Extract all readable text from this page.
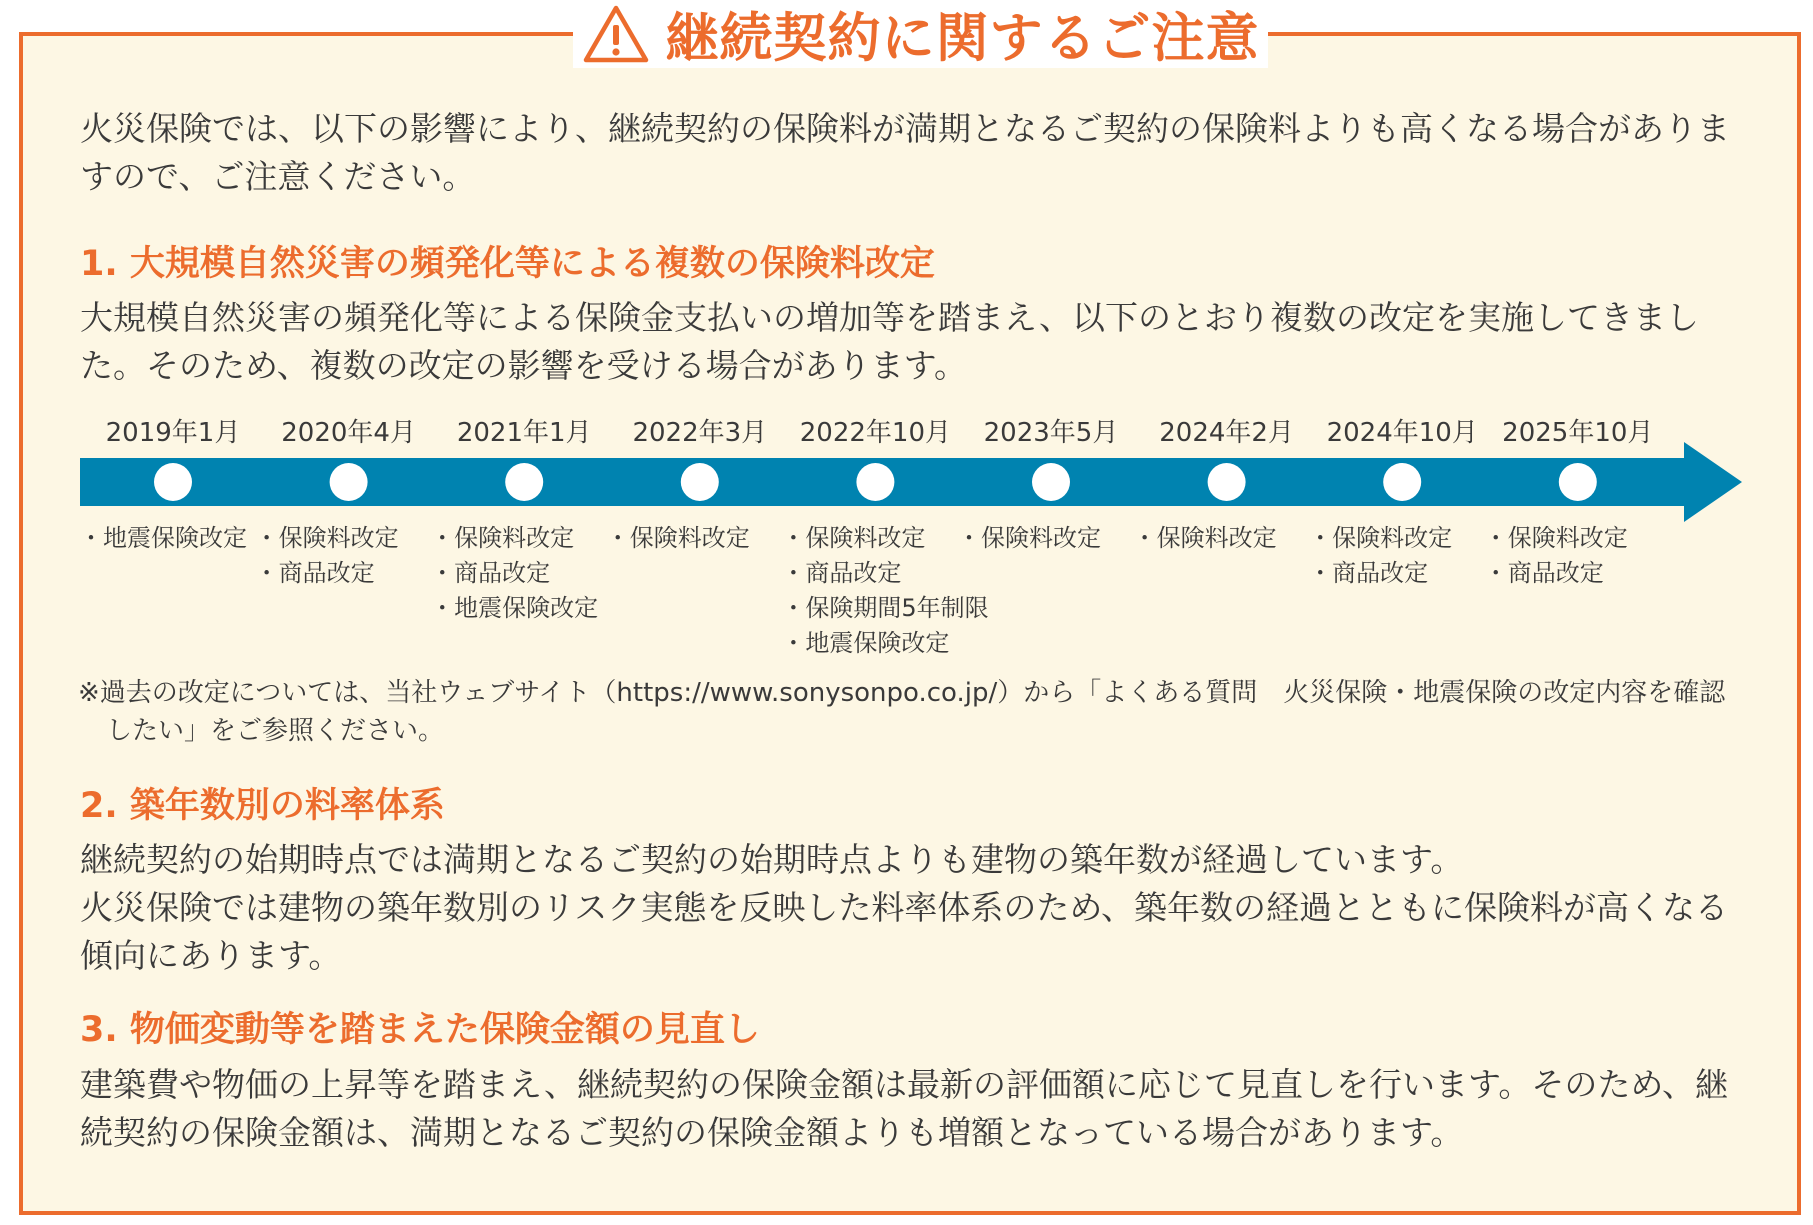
継続契約に関するご注意

火災保険では、以下の影響により、継続契約の保険料が満期となるご契約の保険料よりも高くなる場合がありますので、ご注意ください。

1. 大規模自然災害の頻発化等による複数の保険料改定

大規模自然災害の頻発化等による保険金支払いの増加等を踏まえ、以下のとおり複数の改定を実施してきました。そのため、複数の改定の影響を受ける場合があります。

2019年1月
・地震保険改定
2020年4月
・保険料改定
・商品改定
2021年1月
・保険料改定
・商品改定
・地震保険改定
2022年3月
・保険料改定
2022年10月
・保険料改定
・商品改定
・保険期間5年制限
・地震保険改定
2023年5月
・保険料改定
2024年2月
・保険料改定
2024年10月
・保険料改定
・商品改定
2025年10月
・保険料改定
・商品改定

※過去の改定については、当社ウェブサイト（https://www.sonysonpo.co.jp/）から「よくある質問　火災保険・地震保険の改定内容を確認したい」をご参照ください。

2. 築年数別の料率体系

継続契約の始期時点では満期となるご契約の始期時点よりも建物の築年数が経過しています。
火災保険では建物の築年数別のリスク実態を反映した料率体系のため、築年数の経過とともに保険料が高くなる傾向にあります。

3. 物価変動等を踏まえた保険金額の見直し

建築費や物価の上昇等を踏まえ、継続契約の保険金額は最新の評価額に応じて見直しを行います。そのため、継続契約の保険金額は、満期となるご契約の保険金額よりも増額となっている場合があります。
